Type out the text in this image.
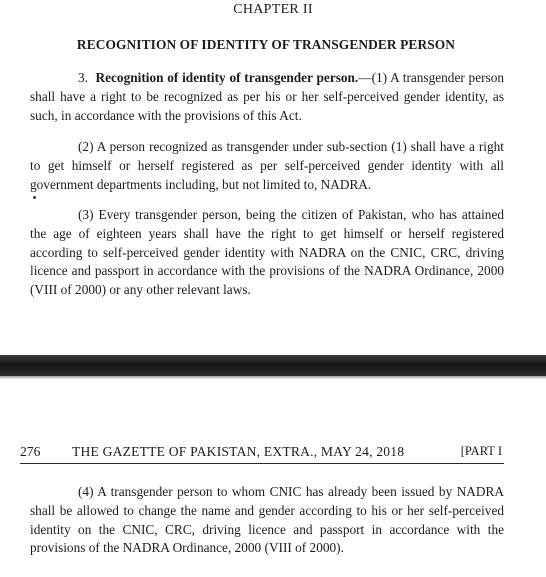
CHAPTER II
RECOGNITION OF IDENTITY OF TRANSGENDER PERSON

3. Recognition of identity of transgender person.—(1) A transgender person shall have a right to be recognized as per his or her self-perceived gender identity, as such, in accordance with the provisions of this Act.

(2) A person recognized as transgender under sub-section (1) shall have a right to get himself or herself registered as per self-perceived gender identity with all government departments including, but not limited to, NADRA.

(3) Every transgender person, being the citizen of Pakistan, who has attained the age of eighteen years shall have the right to get himself or herself registered according to self-perceived gender identity with NADRA on the CNIC, CRC, driving licence and passport in accordance with the provisions of the NADRA Ordinance, 2000 (VIII of 2000) or any other relevant laws.

276 THE GAZETTE OF PAKISTAN, EXTRA., MAY 24, 2018	[PART I

(4) A transgender person to whom CNIC has already been issued by NADRA shall be allowed to change the name and gender according to his or her self-perceived identity on the CNIC, CRC, driving licence and passport in accordance with the provisions of the NADRA Ordinance, 2000 (VIII of 2000).
